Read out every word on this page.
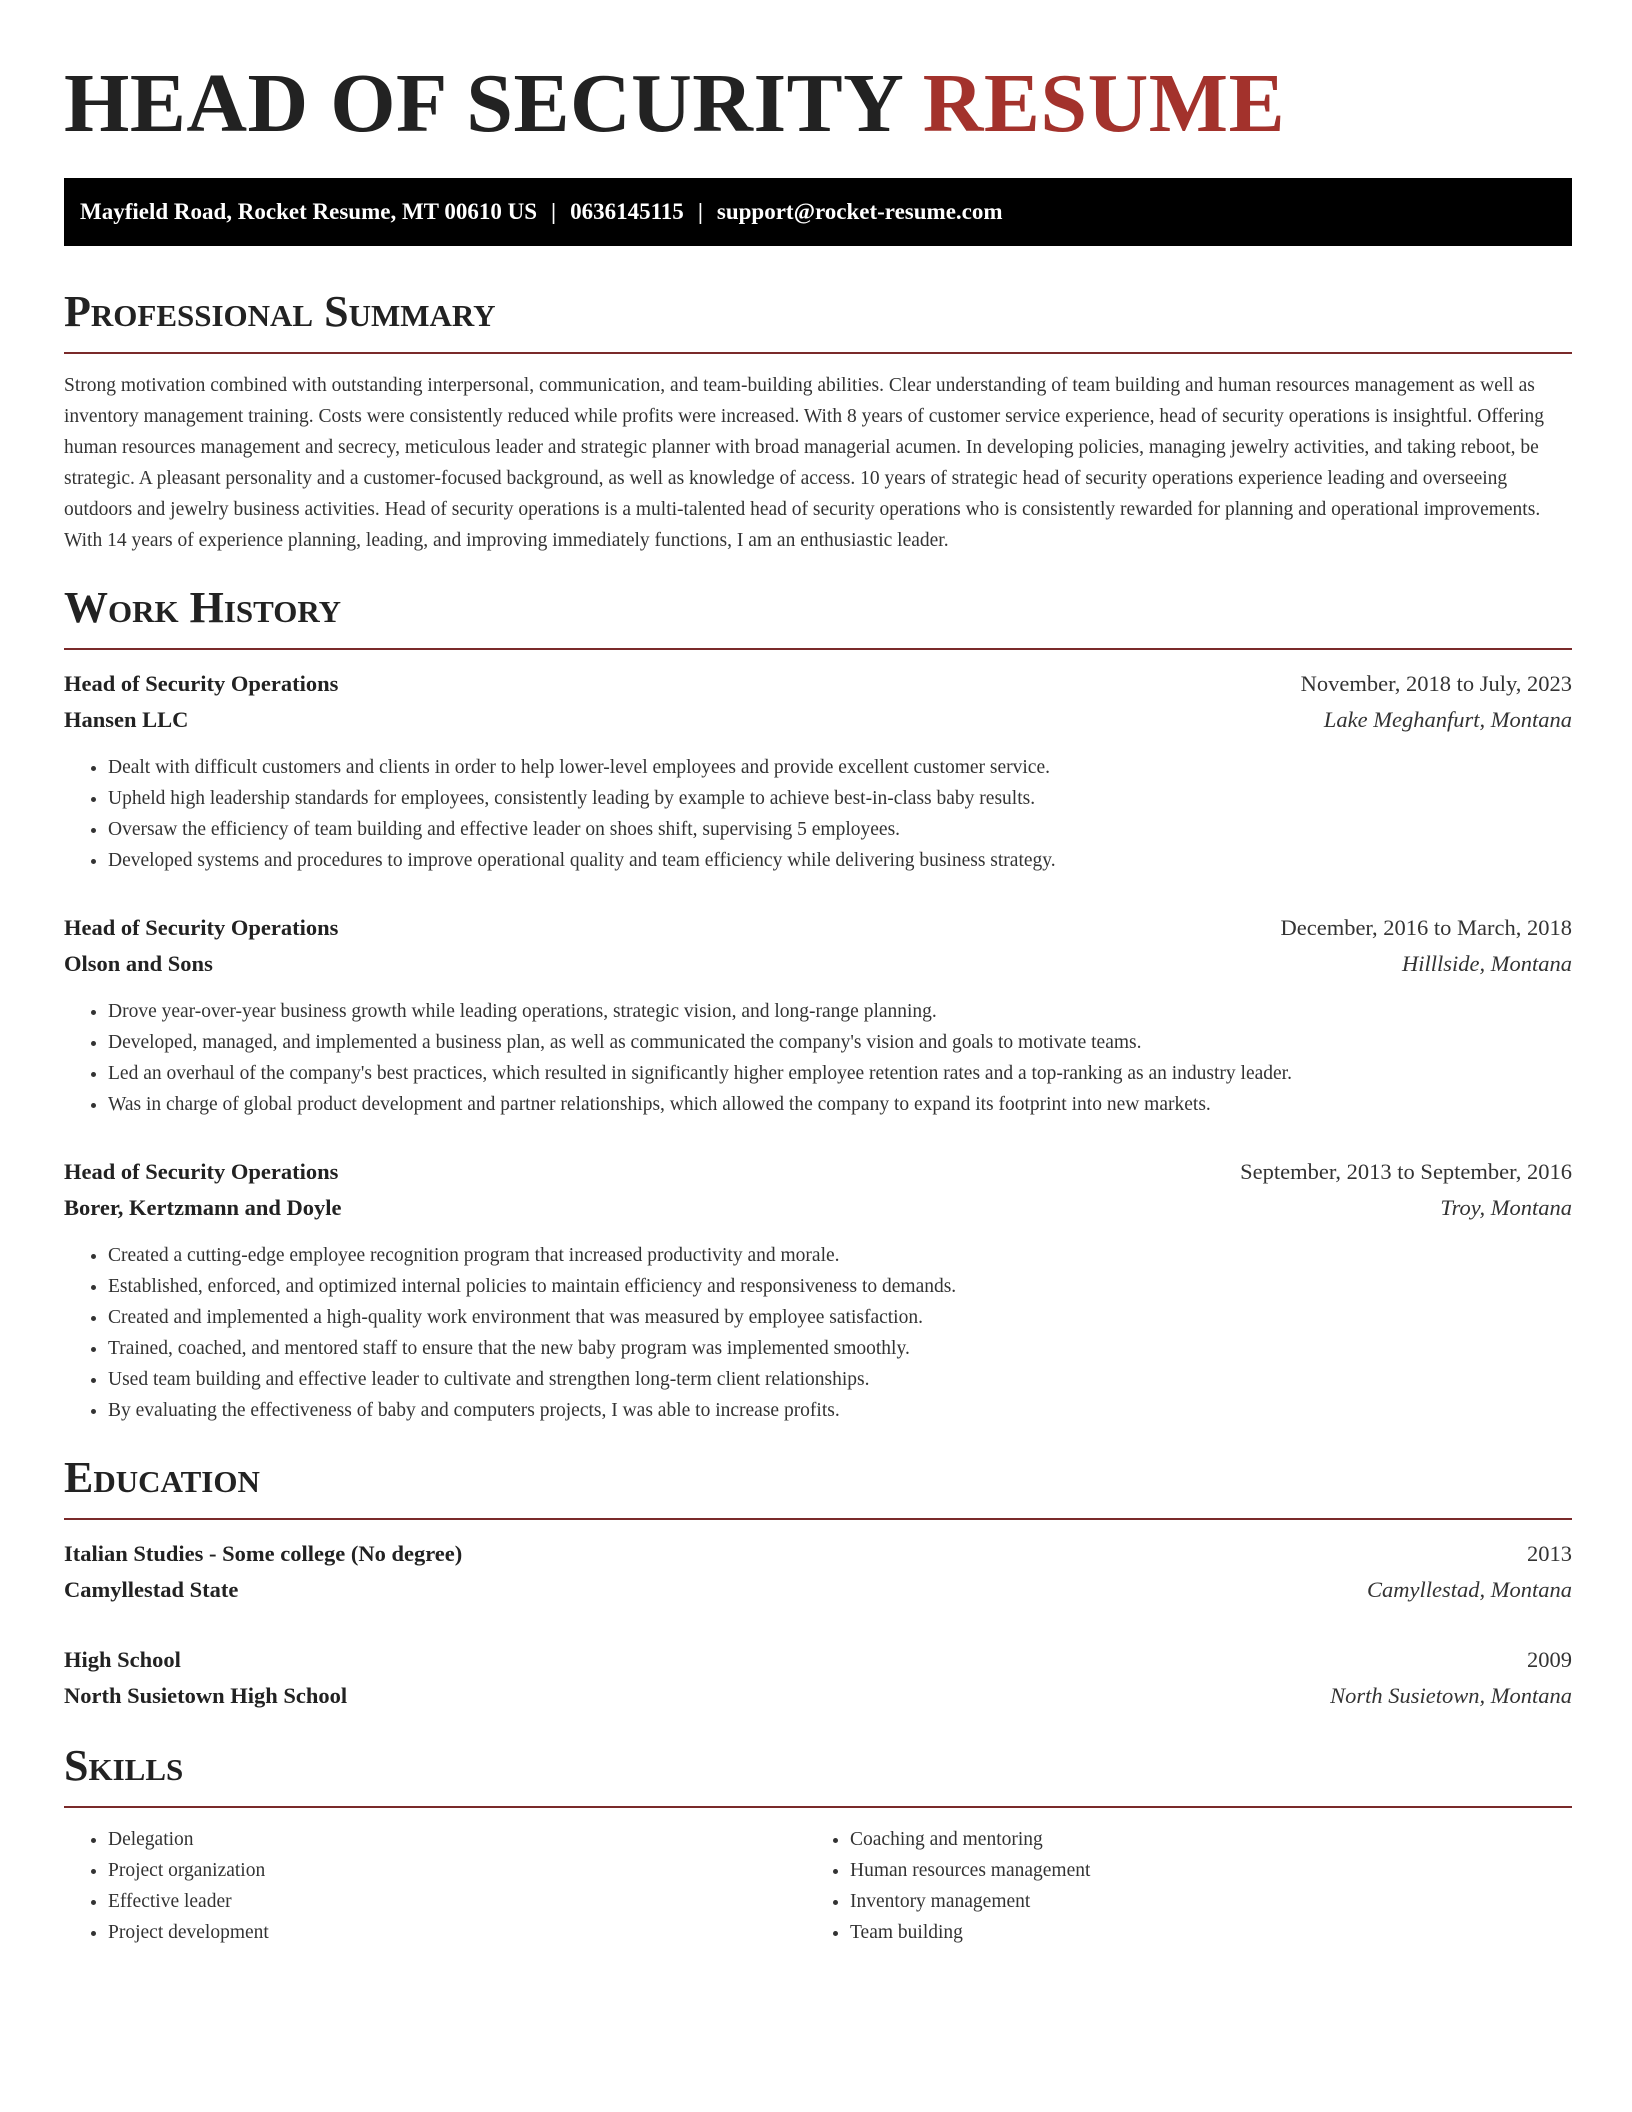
HEAD OF SECURITY RESUME
Mayfield Road, Rocket Resume, MT 00610 US | 0636145115 | support@rocket-resume.com
Professional Summary

Strong motivation combined with outstanding interpersonal, communication, and team-building abilities. Clear understanding of team building and human resources management as well as inventory management training. Costs were consistently reduced while profits were increased. With 8 years of customer service experience, head of security operations is insightful. Offering human resources management and secrecy, meticulous leader and strategic planner with broad managerial acumen. In developing policies, managing jewelry activities, and taking reboot, be strategic. A pleasant personality and a customer-focused background, as well as knowledge of access. 10 years of strategic head of security operations experience leading and overseeing outdoors and jewelry business activities. Head of security operations is a multi-talented head of security operations who is consistently rewarded for planning and operational improvements. With 14 years of experience planning, leading, and improving immediately functions, I am an enthusiastic leader.

Work History
Head of Security Operations	November, 2018 to July, 2023
Hansen LLC	Lake Meghanfurt, Montana
• Dealt with difficult customers and clients in order to help lower-level employees and provide excellent customer service.
• Upheld high leadership standards for employees, consistently leading by example to achieve best-in-class baby results.
• Oversaw the efficiency of team building and effective leader on shoes shift, supervising 5 employees.
• Developed systems and procedures to improve operational quality and team efficiency while delivering business strategy.
Head of Security Operations	December, 2016 to March, 2018
Olson and Sons	Hilllside, Montana
• Drove year-over-year business growth while leading operations, strategic vision, and long-range planning.
• Developed, managed, and implemented a business plan, as well as communicated the company's vision and goals to motivate teams.
• Led an overhaul of the company's best practices, which resulted in significantly higher employee retention rates and a top-ranking as an industry leader.
• Was in charge of global product development and partner relationships, which allowed the company to expand its footprint into new markets.
Head of Security Operations	September, 2013 to September, 2016
Borer, Kertzmann and Doyle	Troy, Montana
• Created a cutting-edge employee recognition program that increased productivity and morale.
• Established, enforced, and optimized internal policies to maintain efficiency and responsiveness to demands.
• Created and implemented a high-quality work environment that was measured by employee satisfaction.
• Trained, coached, and mentored staff to ensure that the new baby program was implemented smoothly.
• Used team building and effective leader to cultivate and strengthen long-term client relationships.
• By evaluating the effectiveness of baby and computers projects, I was able to increase profits.
Education
Italian Studies - Some college (No degree)	2013
Camyllestad State	Camyllestad, Montana
High School	2009
North Susietown High School	North Susietown, Montana
Skills
• Delegation
• Project organization
• Effective leader
• Project development
• Coaching and mentoring
• Human resources management
• Inventory management
• Team building
